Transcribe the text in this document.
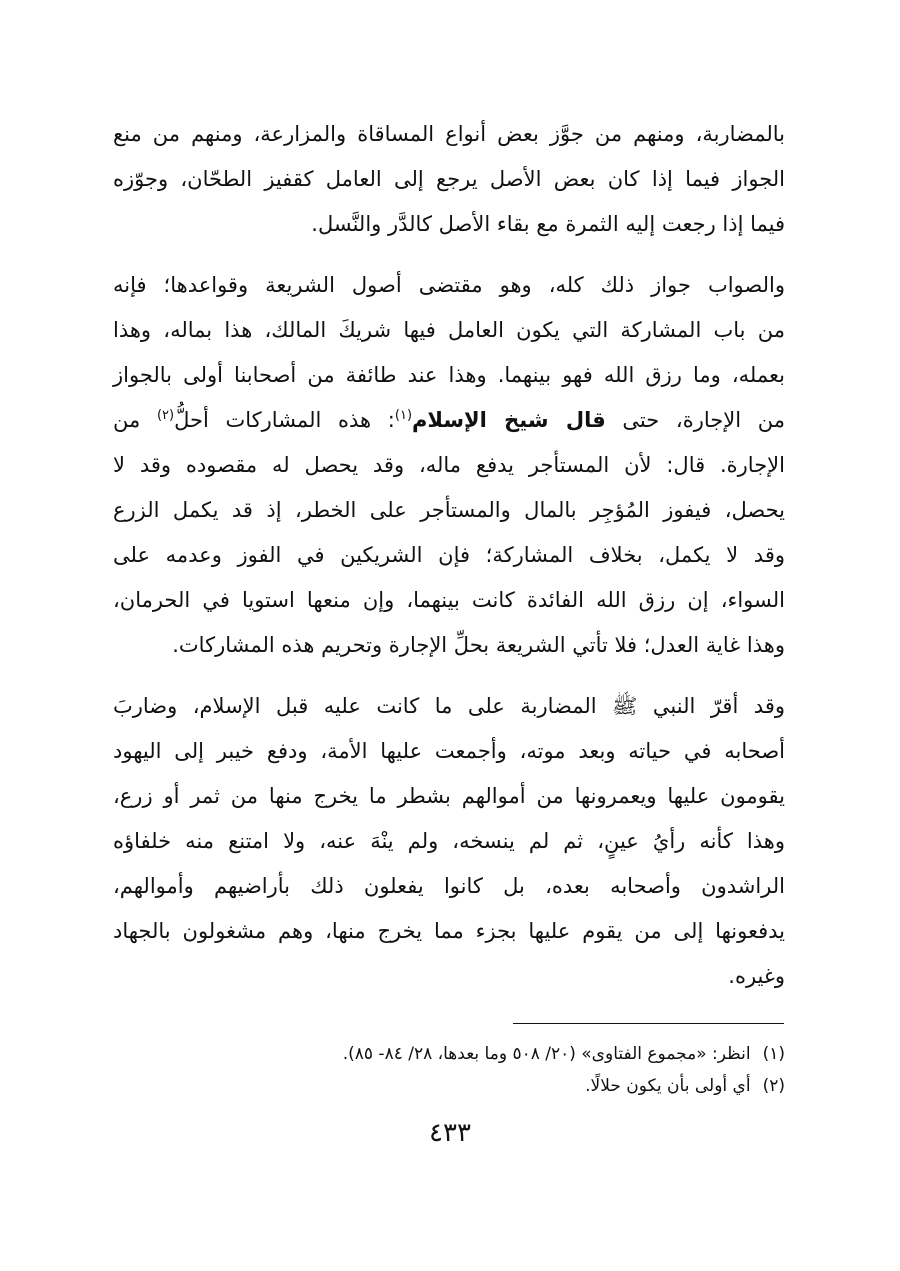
بالمضاربة، ومنهم من جوَّز بعض أنواع المساقاة والمزارعة، ومنهم من منع
الجواز فيما إذا كان بعض الأصل يرجع إلى العامل كقفيز الطحّان، وجوّزه
فيما إذا رجعت إليه الثمرة مع بقاء الأصل كالدَّر والنَّسل.
والصواب جواز ذلك كله، وهو مقتضى أصول الشريعة وقواعدها؛ فإنه
من باب المشاركة التي يكون العامل فيها شريكَ المالك، هذا بماله، وهذا
بعمله، وما رزق الله فهو بينهما. وهذا عند طائفة من أصحابنا أولى بالجواز
من الإجارة، حتى قال شيخ الإسلام$^{(١)}$: هذه المشاركات أحلُّ$^{(٢)}$ من
الإجارة. قال: لأن المستأجر يدفع ماله، وقد يحصل له مقصوده وقد لا
يحصل، فيفوز المُؤجِر بالمال والمستأجر على الخطر، إذ قد يكمل الزرع
وقد لا يكمل، بخلاف المشاركة؛ فإن الشريكين في الفوز وعدمه على
السواء، إن رزق الله الفائدة كانت بينهما، وإن منعها استويا في الحرمان،
وهذا غاية العدل؛ فلا تأتي الشريعة بحلِّ الإجارة وتحريم هذه المشاركات.
وقد أقرّ النبي ﷺ المضاربة على ما كانت عليه قبل الإسلام، وضاربَ
أصحابه في حياته وبعد موته، وأجمعت عليها الأمة، ودفع خيبر إلى اليهود
يقومون عليها ويعمرونها من أموالهم بشطر ما يخرج منها من ثمر أو زرع،
وهذا كأنه رأيُ عينٍ، ثم لم ينسخه، ولم ينْهَ عنه، ولا امتنع منه خلفاؤه
الراشدون وأصحابه بعده، بل كانوا يفعلون ذلك بأراضيهم وأموالهم،
يدفعونها إلى من يقوم عليها بجزء مما يخرج منها، وهم مشغولون بالجهاد
وغيره.
(١)انظر: «مجموع الفتاوى» (٢٠/ ٥٠٨ وما بعدها، ٢٨/ ٨٤- ٨٥).
(٢)أي أولى بأن يكون حلالًا.
٤٣٣
